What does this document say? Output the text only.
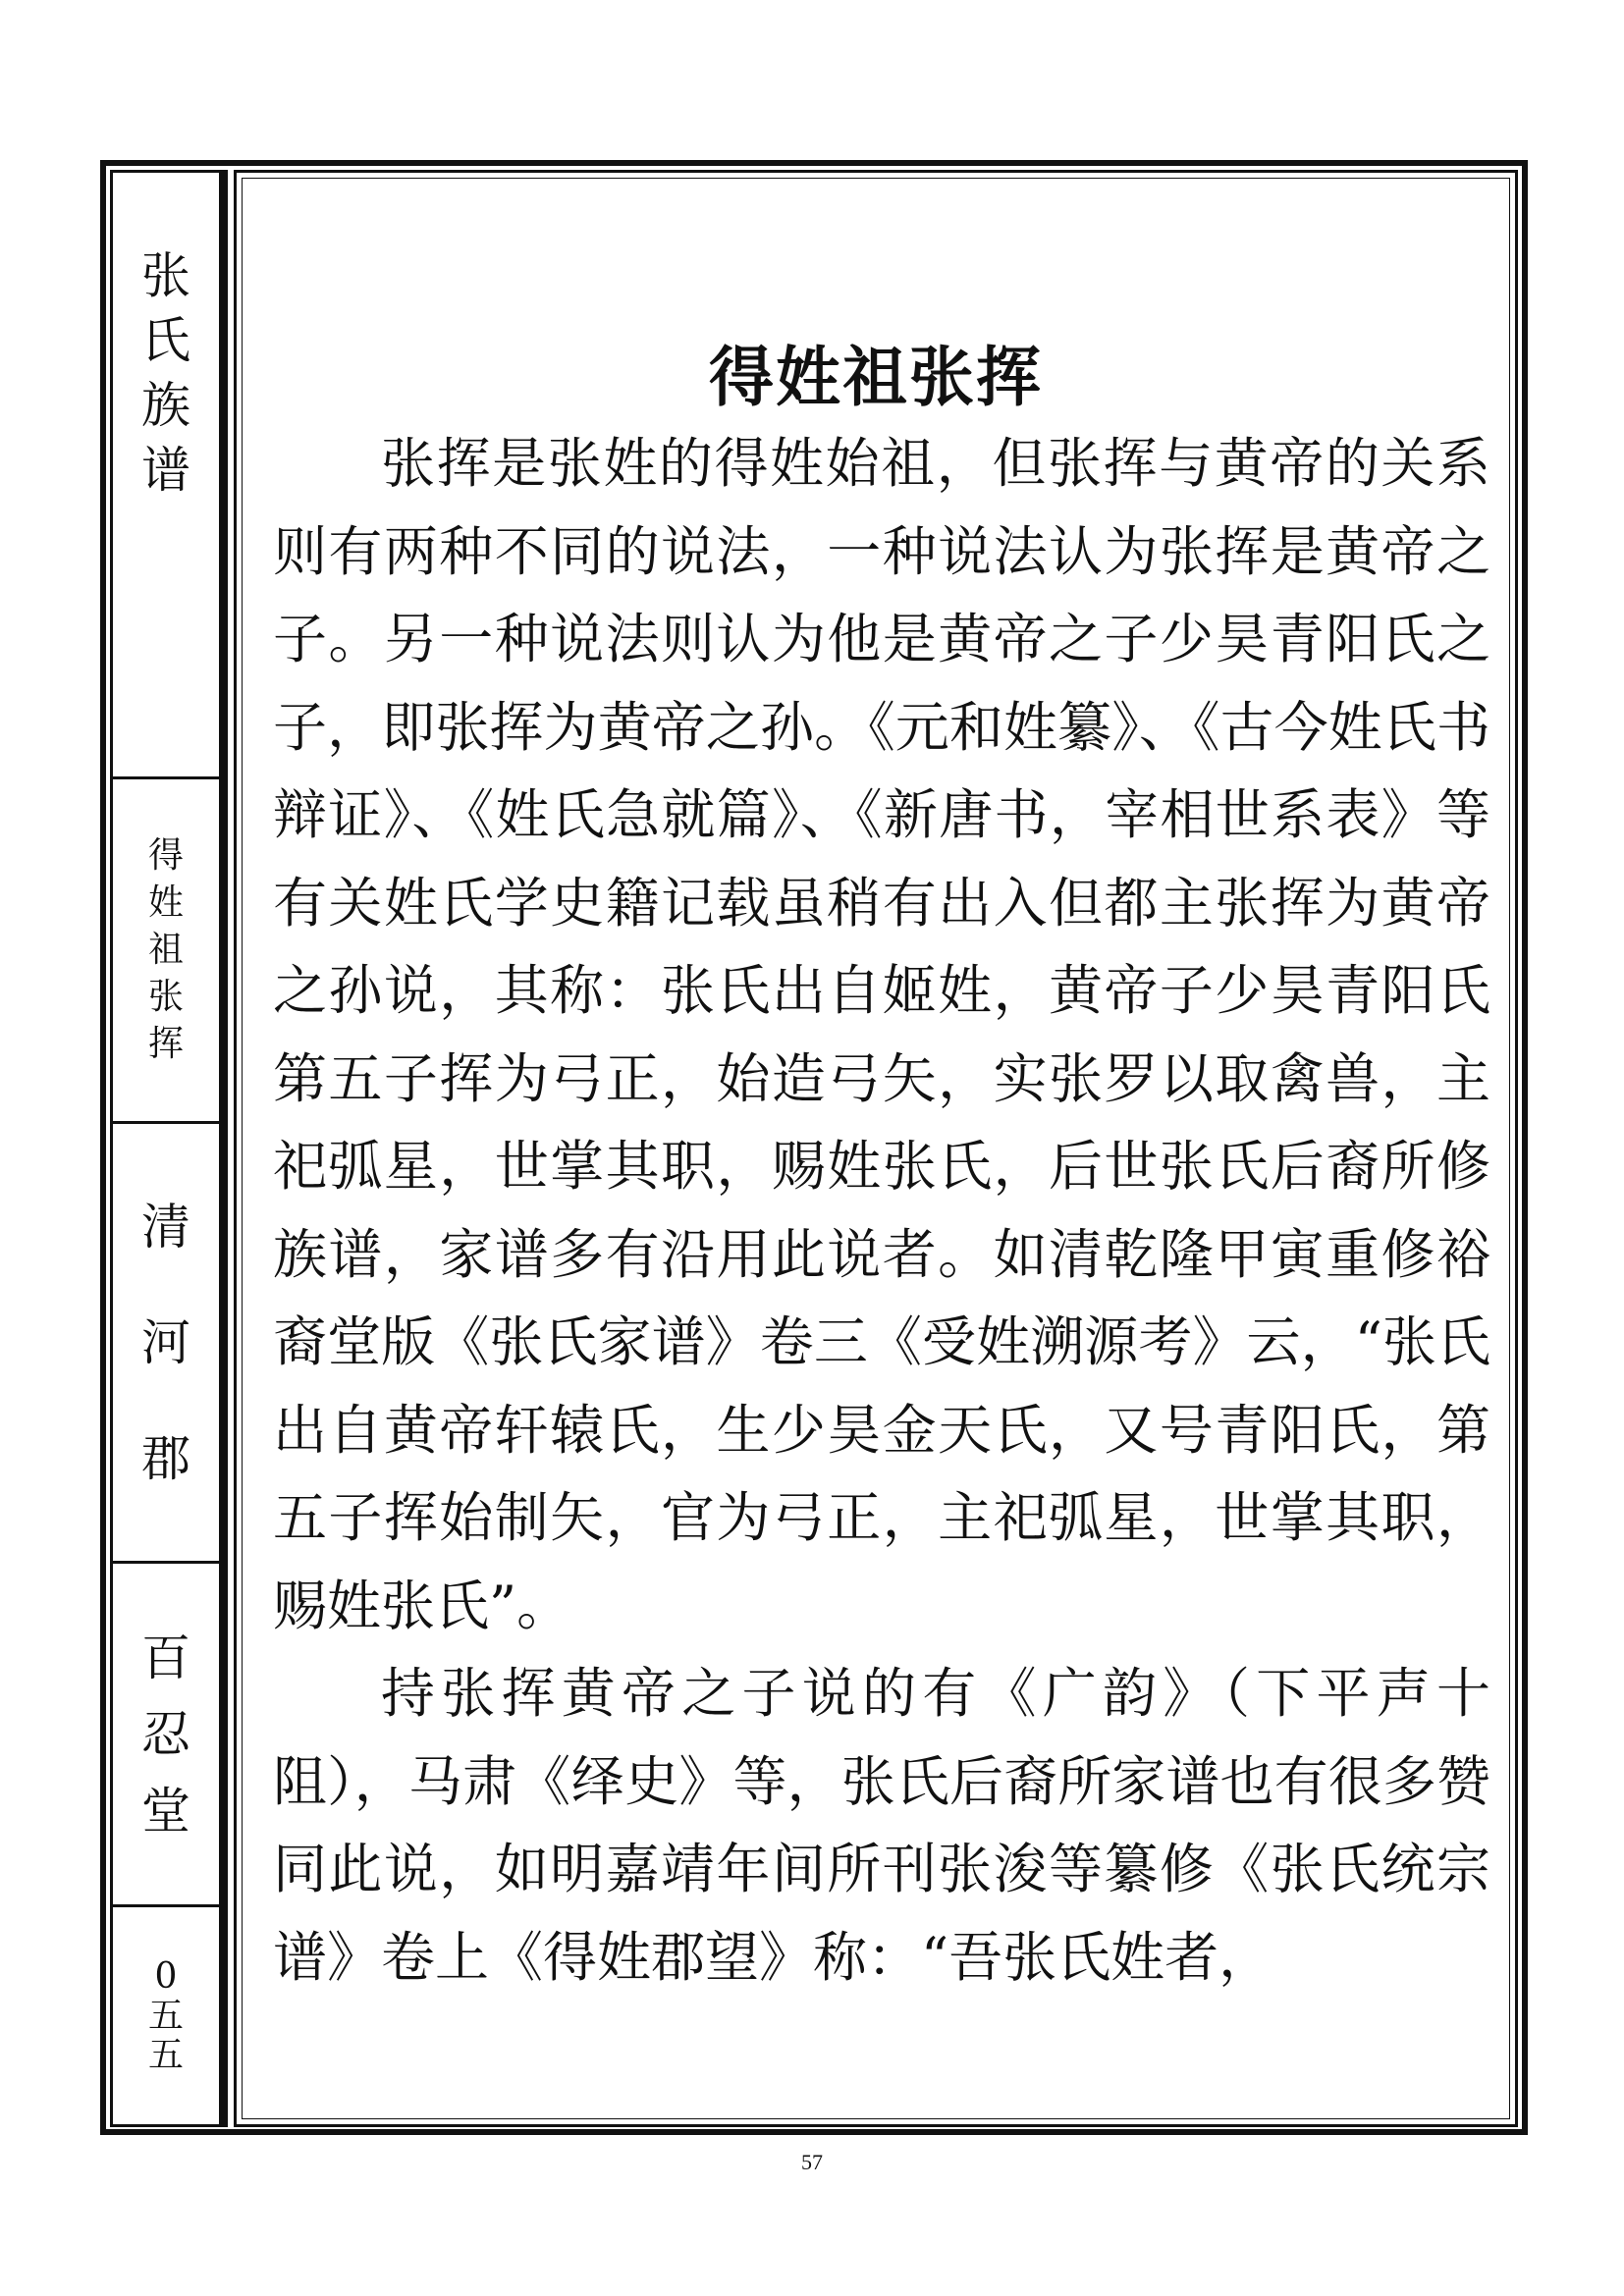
张
氏
族
谱
得
姓
祖
张
挥
清
河
郡
百
忍
堂
0
五
五
得姓祖张挥

张挥是张姓的得姓始祖，但张挥与黄帝的关系则有两种不同的说法，一种说法认为张挥是黄帝之子。另一种说法则认为他是黄帝之子少昊青阳氏之子，即张挥为黄帝之孙。《元和姓纂》、《古今姓氏书辩证》、《姓氏急就篇》、《新唐书，宰相世系表》等有关姓氏学史籍记载虽稍有出入但都主张挥为黄帝之孙说，其称：张氏出自姬姓，黄帝子少昊青阳氏第五子挥为弓正，始造弓矢，实张罗以取禽兽，主祀弧星，世掌其职，赐姓张氏，后世张氏后裔所修族谱，家谱多有沿用此说者。如清乾隆甲寅重修裕裔堂版《张氏家谱》卷三《受姓溯源考》云，“张氏出自黄帝轩辕氏，生少昊金天氏，又号青阳氏，第五子挥始制矢，官为弓正，主祀弧星，世掌其职，赐姓张氏”。

持张挥黄帝之子说的有《广韵》（下平声十阻），马肃《绎史》等，张氏后裔所家谱也有很多赞同此说，如明嘉靖年间所刊张浚等纂修《张氏统宗谱》卷上《得姓郡望》称：“吾张氏姓者，

57
